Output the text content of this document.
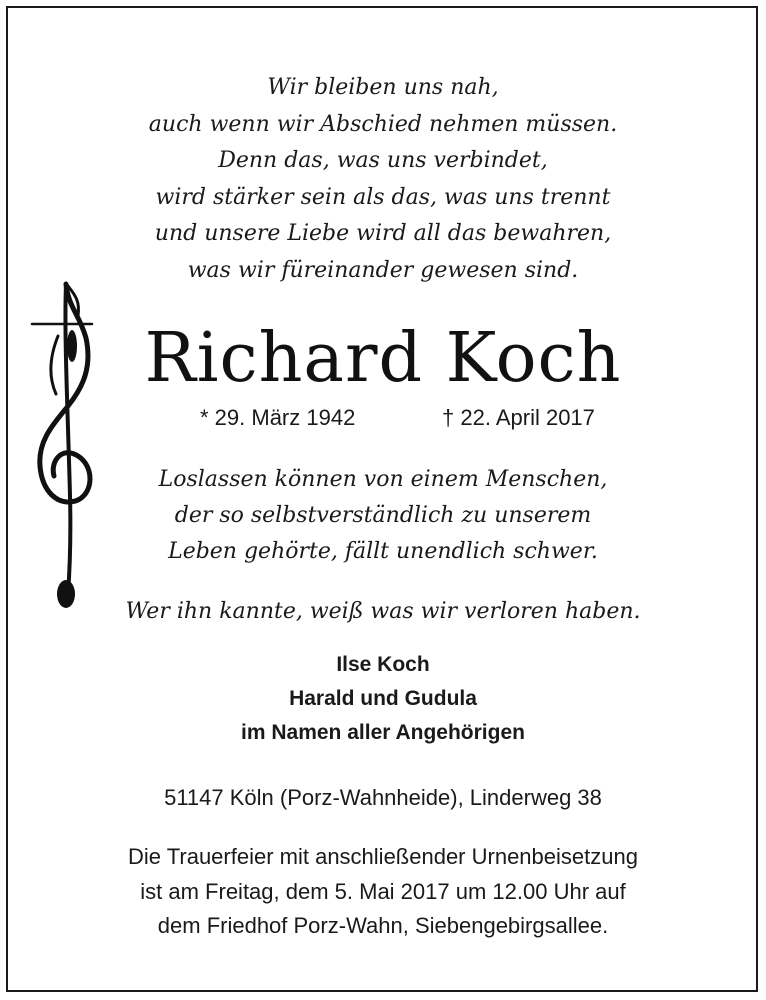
Wir bleiben uns nah,
auch wenn wir Abschied nehmen müssen.
Denn das, was uns verbindet,
wird stärker sein als das, was uns trennt
und unsere Liebe wird all das bewahren,
was wir füreinander gewesen sind.
Richard Koch
* 29. März 1942	† 22. April 2017
Loslassen können von einem Menschen,
der so selbstverständlich zu unserem
Leben gehörte, fällt unendlich schwer.
Wer ihn kannte, weiß was wir verloren haben.
Ilse Koch
Harald und Gudula
im Namen aller Angehörigen
51147 Köln (Porz-Wahnheide), Linderweg 38
Die Trauerfeier mit anschließender Urnenbeisetzung
ist am Freitag, dem 5. Mai 2017 um 12.00 Uhr auf
dem Friedhof Porz-Wahn, Siebengebirgsallee.
